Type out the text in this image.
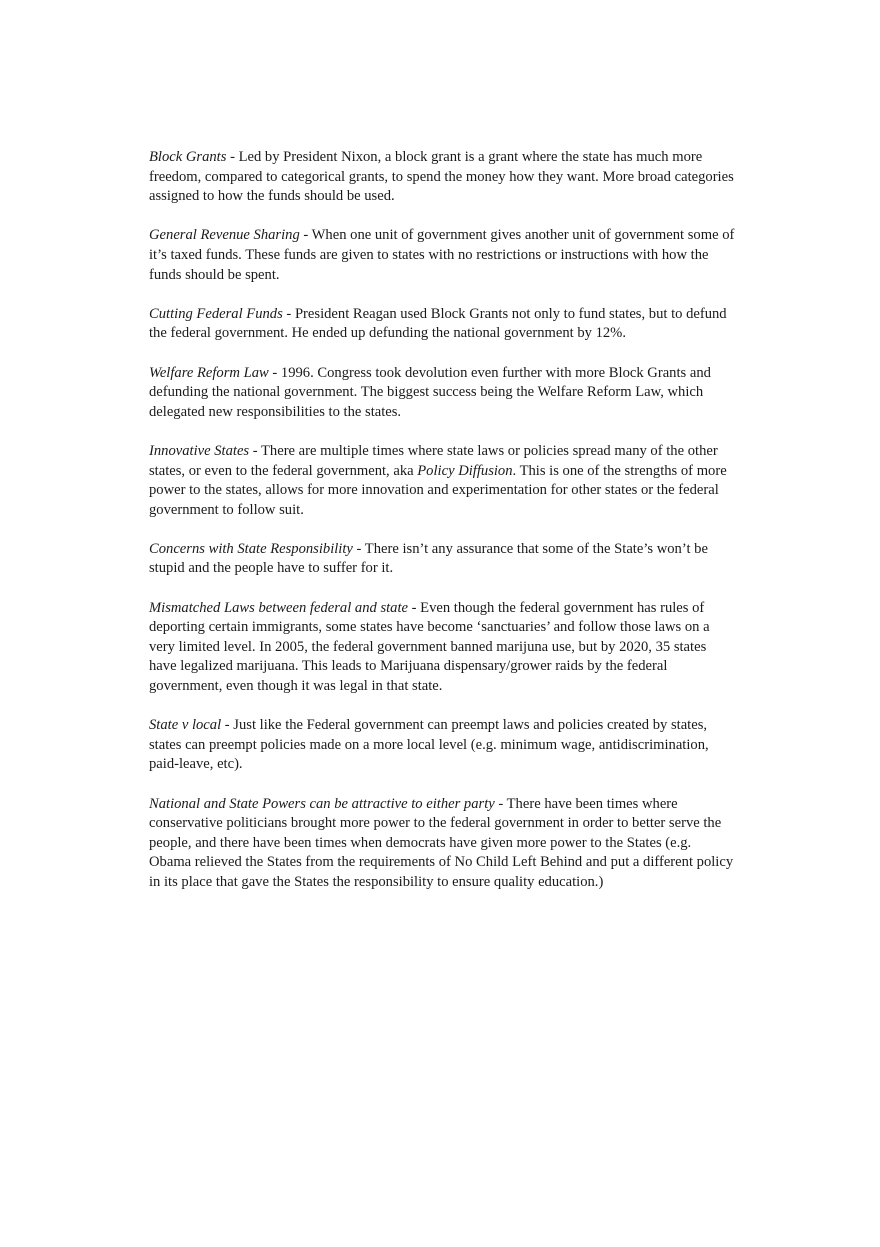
Block Grants - Led by President Nixon, a block grant is a grant where the state has much more freedom, compared to categorical grants, to spend the money how they want. More broad categories assigned to how the funds should be used.

General Revenue Sharing - When one unit of government gives another unit of government some of it’s taxed funds. These funds are given to states with no restrictions or instructions with how the funds should be spent.

Cutting Federal Funds - President Reagan used Block Grants not only to fund states, but to defund the federal government. He ended up defunding the national government by 12%.

Welfare Reform Law - 1996. Congress took devolution even further with more Block Grants and defunding the national government. The biggest success being the Welfare Reform Law, which delegated new responsibilities to the states.

Innovative States - There are multiple times where state laws or policies spread many of the other states, or even to the federal government, aka Policy Diffusion. This is one of the strengths of more power to the states, allows for more innovation and experimentation for other states or the federal government to follow suit.

Concerns with State Responsibility - There isn’t any assurance that some of the State’s won’t be stupid and the people have to suffer for it.

Mismatched Laws between federal and state - Even though the federal government has rules of deporting certain immigrants, some states have become ‘sanctuaries’ and follow those laws on a very limited level. In 2005, the federal government banned marijuna use, but by 2020, 35 states have legalized marijuana. This leads to Marijuana dispensary/grower raids by the federal government, even though it was legal in that state.

State v local - Just like the Federal government can preempt laws and policies created by states, states can preempt policies made on a more local level (e.g. minimum wage, antidiscrimination, paid-leave, etc).

National and State Powers can be attractive to either party - There have been times where conservative politicians brought more power to the federal government in order to better serve the people, and there have been times when democrats have given more power to the States (e.g. Obama relieved the States from the requirements of No Child Left Behind and put a different policy in its place that gave the States the responsibility to ensure quality education.)
